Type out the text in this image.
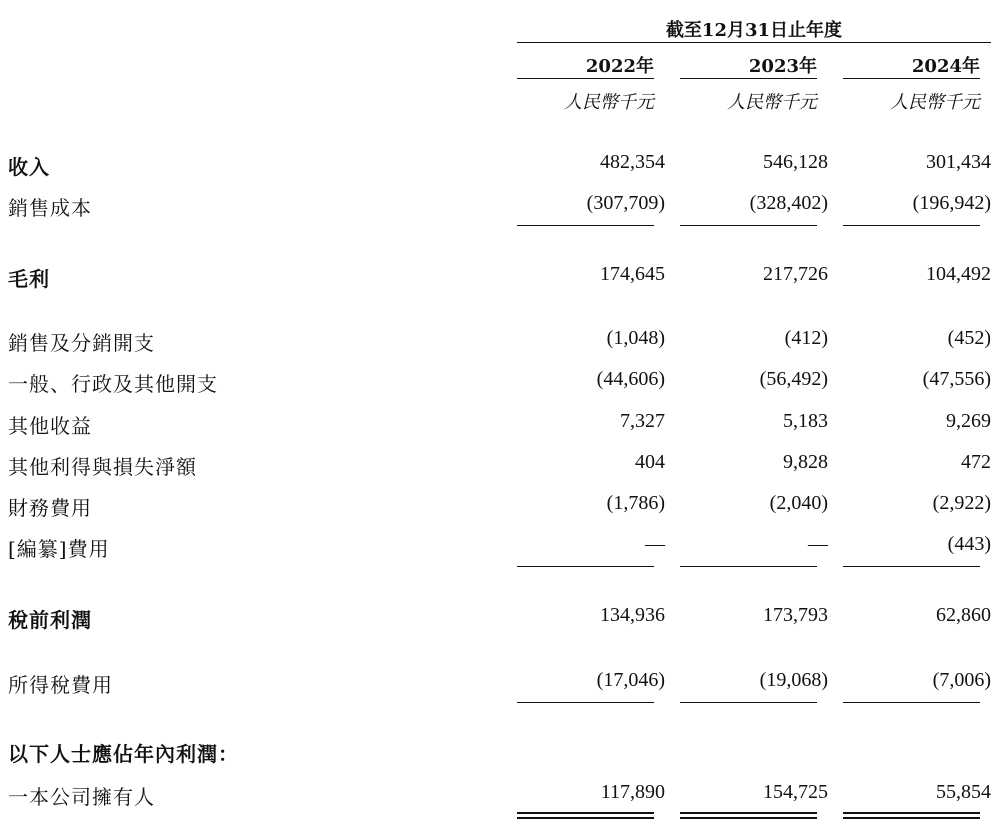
截至12月31日止年度
2022年	2023年	2024年
人民幣千元	人民幣千元	人民幣千元
收入	482,354	546,128	301,434
銷售成本	(307,709)	(328,402)	(196,942)
毛利	174,645	217,726	104,492
銷售及分銷開支	(1,048)	(412)	(452)
一般、行政及其他開支	(44,606)	(56,492)	(47,556)
其他收益	7,327	5,183	9,269
其他利得與損失淨額	404	9,828	472
財務費用	(1,786)	(2,040)	(2,922)
[編纂]費用	—	—	(443)
稅前利潤	134,936	173,793	62,860
所得稅費用	(17,046)	(19,068)	(7,006)
以下人士應佔年內利潤：
一本公司擁有人	117,890	154,725	55,854
